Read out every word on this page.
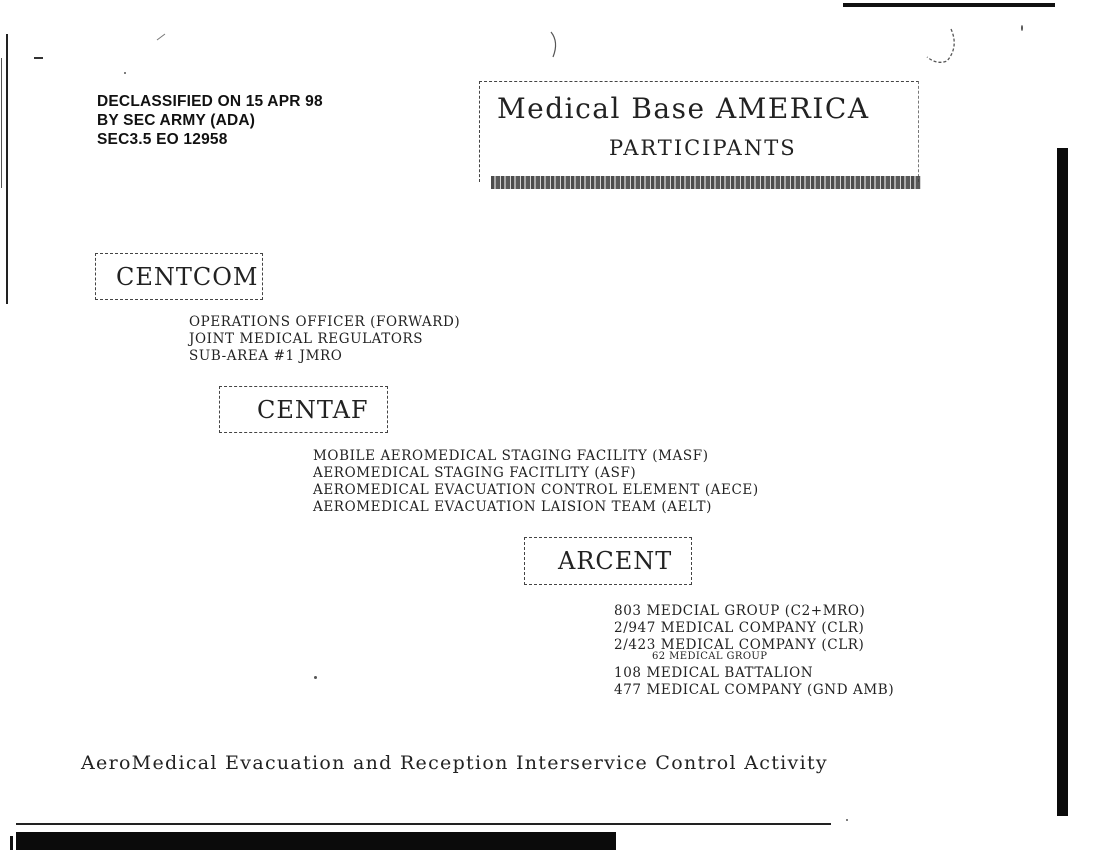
DECLASSIFIED ON 15 APR 98
BY SEC ARMY (ADA)
SEC3.5 EO 12958
Medical Base AMERICA
PARTICIPANTS
CENTCOM
OPERATIONS OFFICER (FORWARD)
JOINT MEDICAL REGULATORS
SUB-AREA #1 JMRO
CENTAF
MOBILE AEROMEDICAL STAGING FACILITY (MASF)
AEROMEDICAL STAGING FACITLITY (ASF)
AEROMEDICAL EVACUATION CONTROL ELEMENT (AECE)
AEROMEDICAL EVACUATION LAISION TEAM (AELT)
ARCENT
803 MEDCIAL GROUP (C2+MRO)
2/947 MEDICAL COMPANY (CLR)
2/423 MEDICAL COMPANY (CLR)
62 MEDICAL GROUP
108 MEDICAL BATTALION
477 MEDICAL COMPANY (GND AMB)
AeroMedical Evacuation and Reception Interservice Control Activity
